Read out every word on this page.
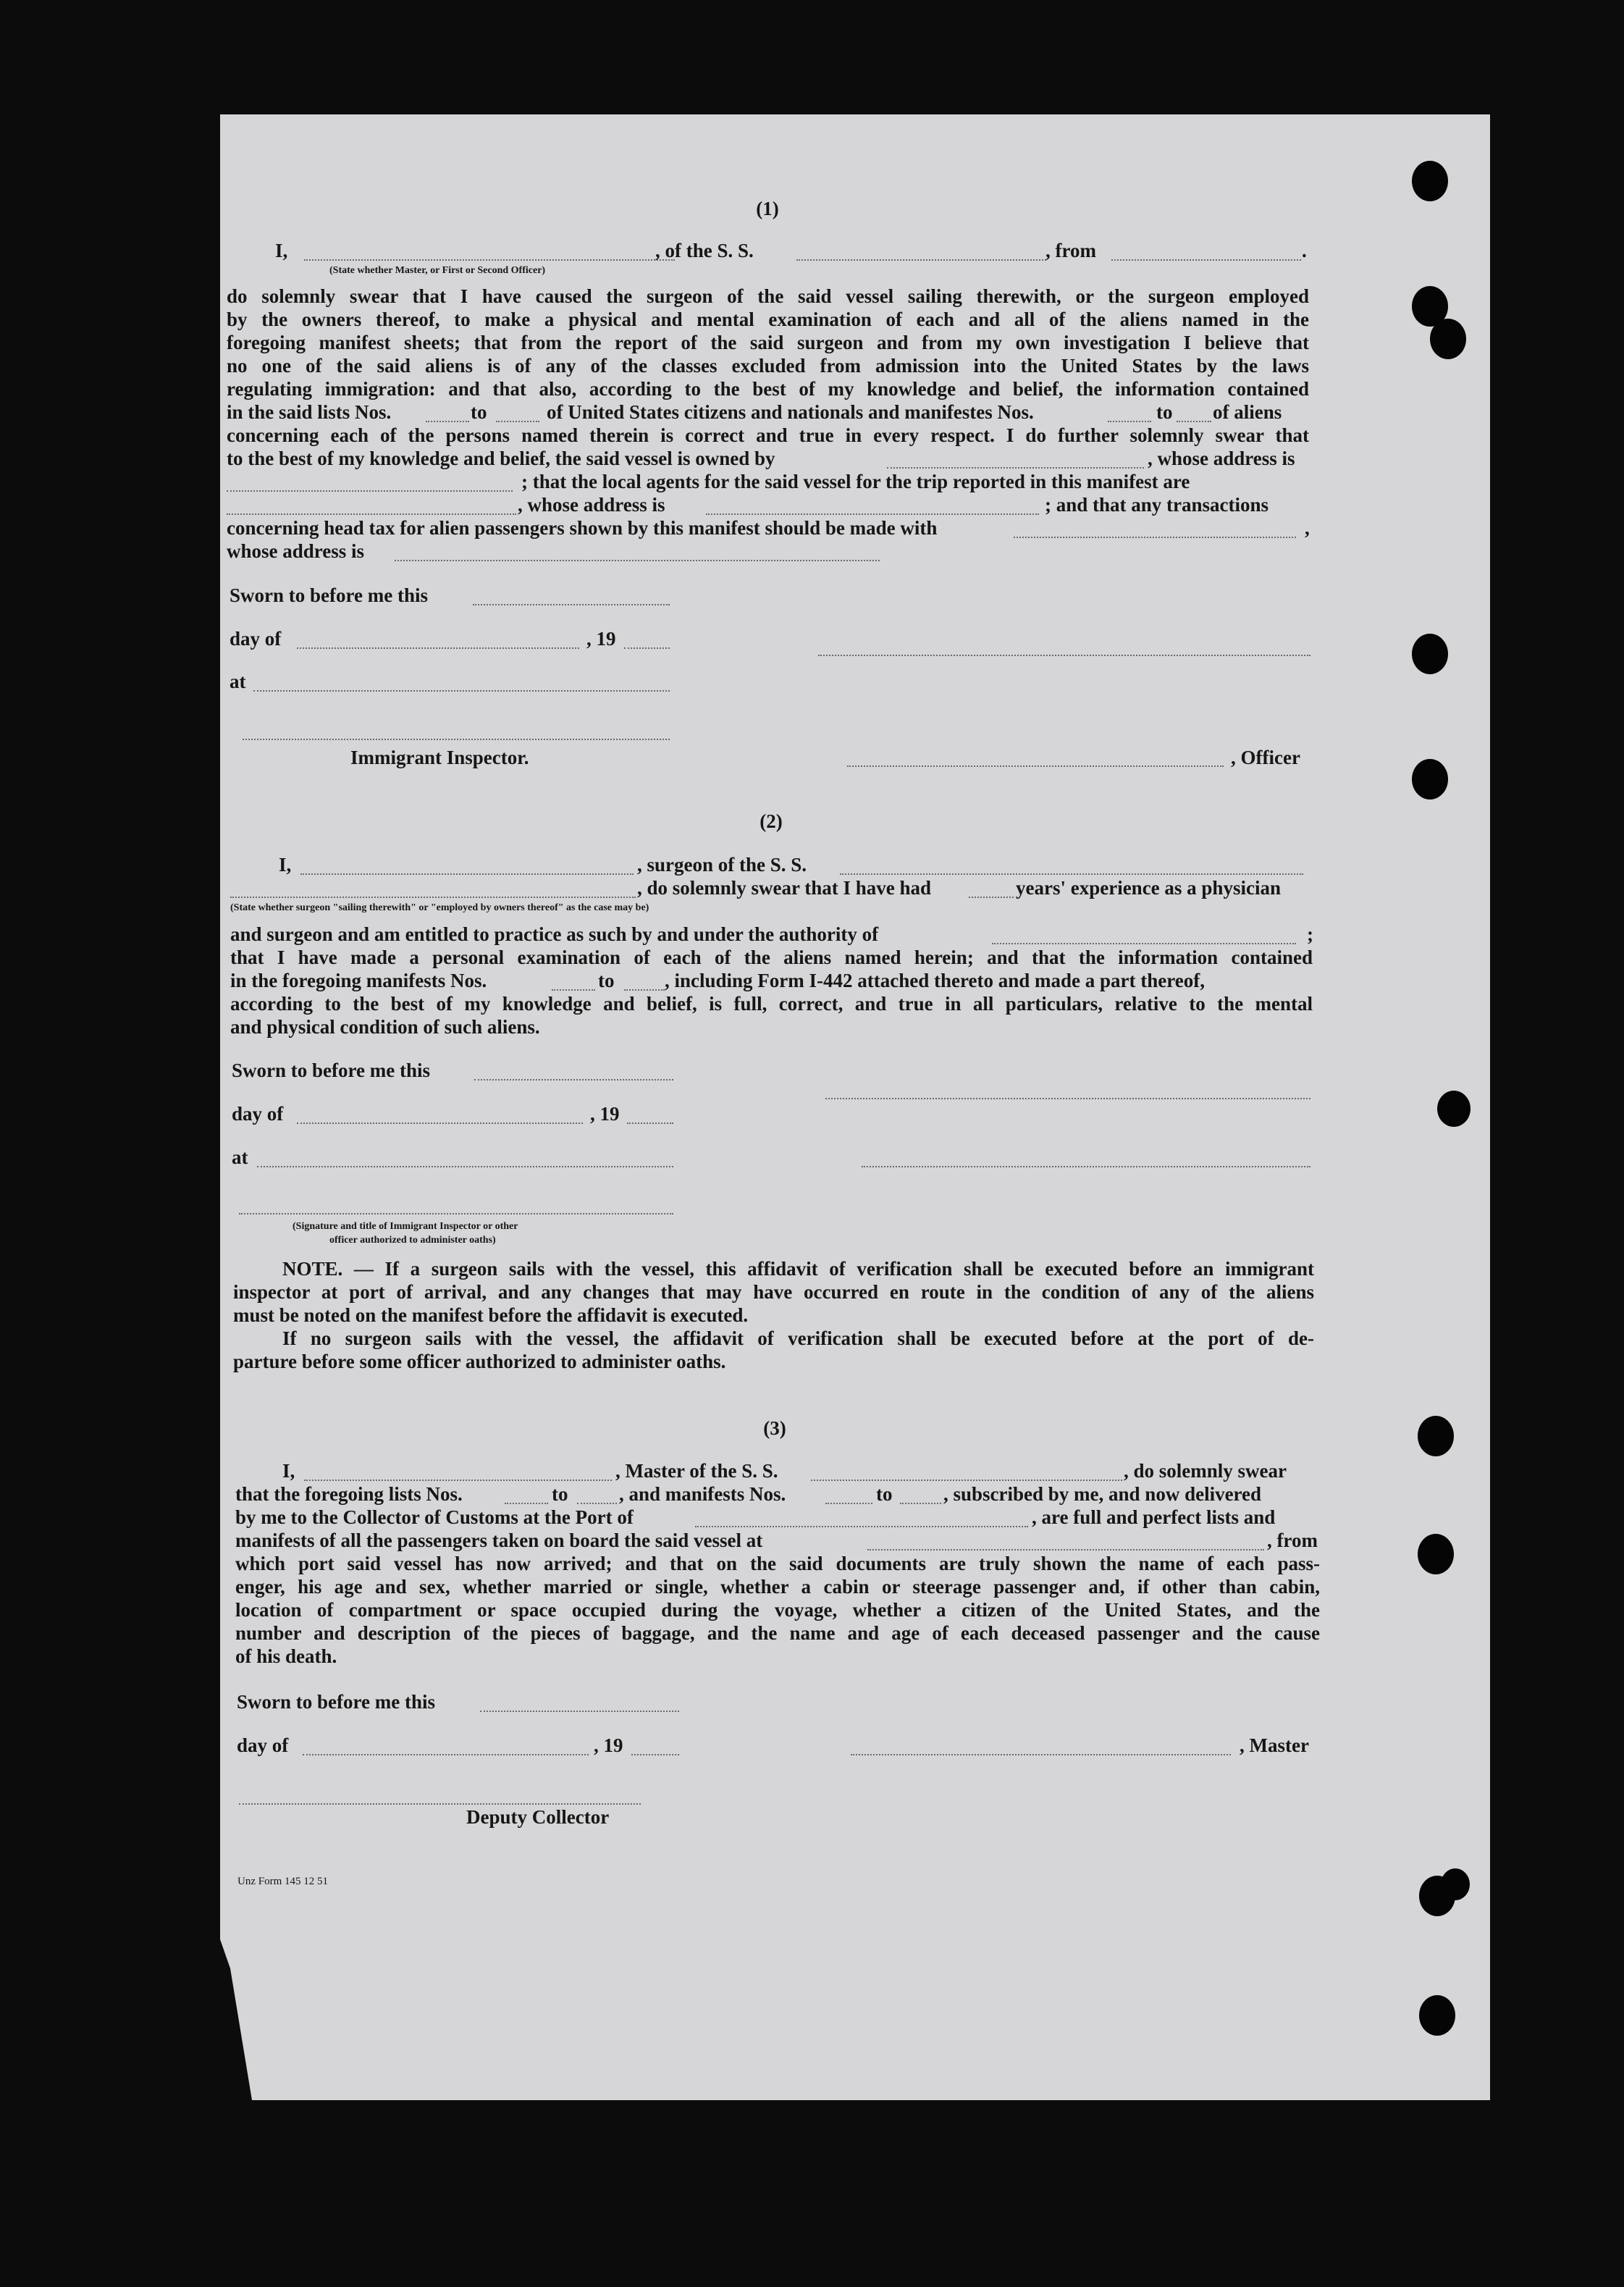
(1)
I,	, of the S. S.	, from	.
(State whether Master, or First or Second Officer)
do solemnly swear that I have caused the surgeon of the said vessel sailing therewith, or the surgeon employed
by the owners thereof, to make a physical and mental examination of each and all of the aliens named in the
foregoing manifest sheets; that from the report of the said surgeon and from my own investigation I believe that
no one of the said aliens is of any of the classes excluded from admission into the United States by the laws
regulating immigration: and that also, according to the best of my knowledge and belief, the information contained
in the said lists Nos.	to	of United States citizens and nationals and manifestes Nos.	to of aliens
concerning each of the persons named therein is correct and true in every respect. I do further solemnly swear that
to the best of my knowledge and belief, the said vessel is owned by	, whose address is
; that the local agents for the said vessel for the trip reported in this manifest are
, whose address is	; and that any transactions
concerning head tax for alien passengers shown by this manifest should be made with	,
whose address is
Sworn to before me this
day of	, 19
at
Immigrant Inspector.	, Officer
(2)
I,	, surgeon of the S. S.
, do solemnly swear that I have had	years' experience as a physician
(State whether surgeon "sailing therewith" or "employed by owners thereof" as the case may be)
and surgeon and am entitled to practice as such by and under the authority of	;
that I have made a personal examination of each of the aliens named herein; and that the information contained
in the foregoing manifests Nos.	to	, including Form I-442 attached thereto and made a part thereof,
according to the best of my knowledge and belief, is full, correct, and true in all particulars, relative to the mental
and physical condition of such aliens.
Sworn to before me this
day of	, 19
at
(Signature and title of Immigrant Inspector or other
officer authorized to administer oaths)
NOTE. — If a surgeon sails with the vessel, this affidavit of verification shall be executed before an immigrant
inspector at port of arrival, and any changes that may have occurred en route in the condition of any of the aliens
must be noted on the manifest before the affidavit is executed.
If no surgeon sails with the vessel, the affidavit of verification shall be executed before at the port of de-
parture before some officer authorized to administer oaths.
(3)
I,	, Master of the S. S.	, do solemnly swear
that the foregoing lists Nos.	to	, and manifests Nos.	to	, subscribed by me, and now delivered
by me to the Collector of Customs at the Port of	, are full and perfect lists and
manifests of all the passengers taken on board the said vessel at	, from
which port said vessel has now arrived; and that on the said documents are truly shown the name of each pass-
enger, his age and sex, whether married or single, whether a cabin or steerage passenger and, if other than cabin,
location of compartment or space occupied during the voyage, whether a citizen of the United States, and the
number and description of the pieces of baggage, and the name and age of each deceased passenger and the cause
of his death.
Sworn to before me this
day of	, 19	, Master
Deputy Collector
Unz Form 145 12 51
